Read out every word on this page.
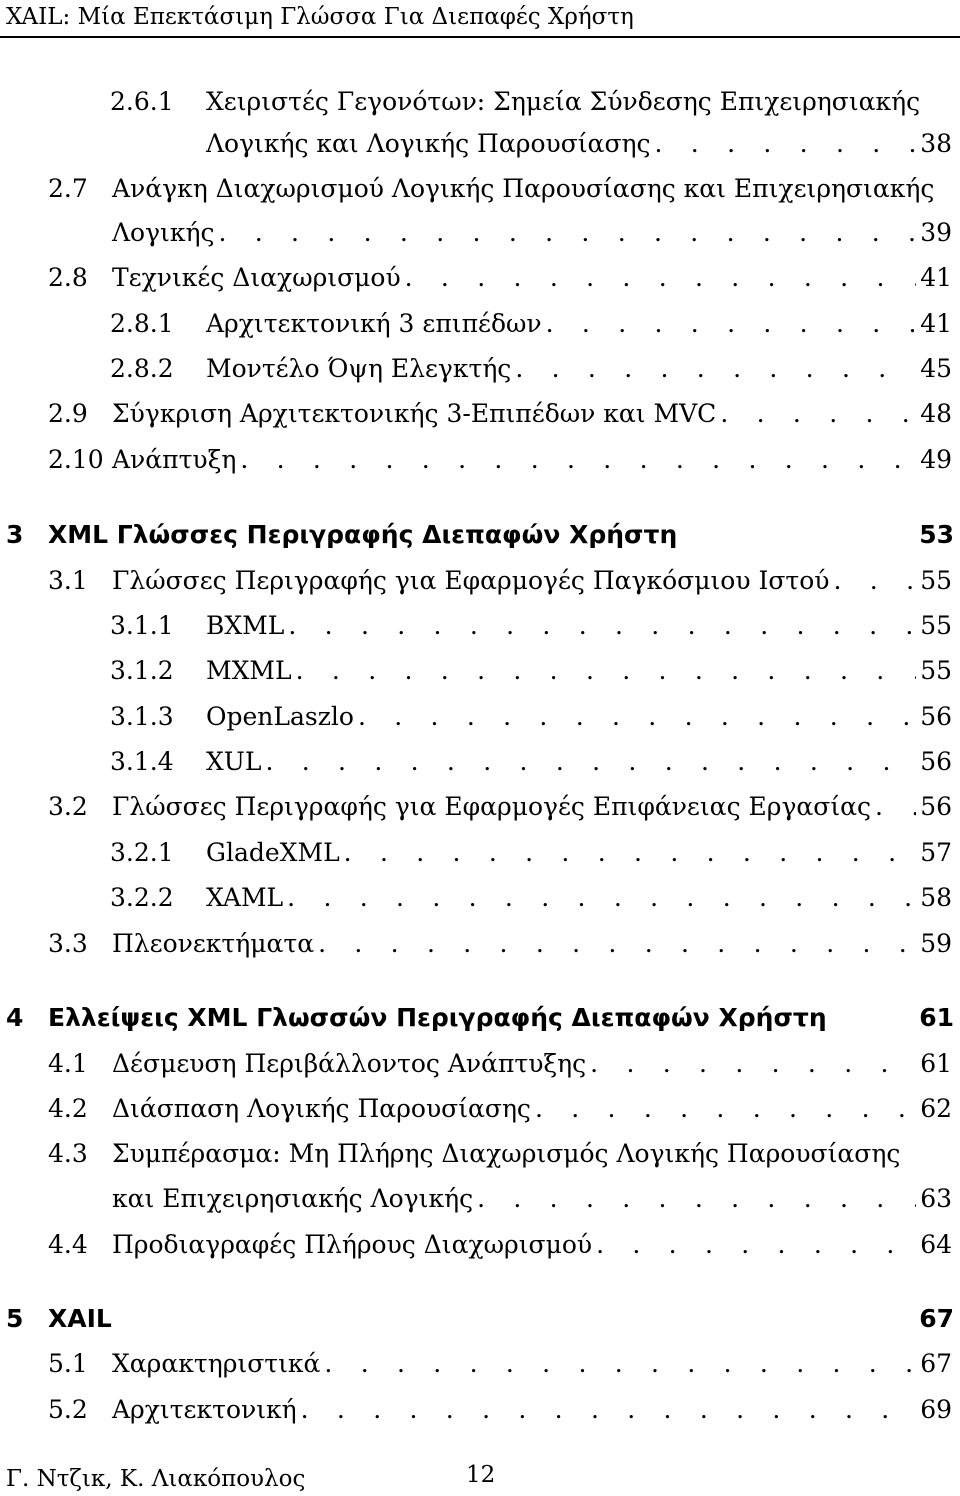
XAIL: Μία Επεκτάσιμη Γλώσσα Για Διεπαφές Χρήστη
2.6.1	Χειριστές Γεγονότων: Σημεία Σύνδεσης Επιχειρησιακής
Λογικής και Λογικής Παρουσίασης . . .	38
2.7 Ανάγκη Διαχωρισμού Λογικής Παρουσίασης και Επιχειρησιακής
Λογικής . . .	39
2.8 Τεχνικές Διαχωρισμού . . .	41
2.8.1	Αρχιτεκτονική 3 επιπέδων . . .	41
2.8.2	Μοντέλο Όψη Ελεγκτής . . .	45
2.9 Σύγκριση Αρχιτεκτονικής 3-Επιπέδων και MVC . . .	48
2.10 Ανάπτυξη . . .	49
3 XML Γλώσσες Περιγραφής Διεπαφών Χρήστη	53
3.1 Γλώσσες Περιγραφής για Εφαρμογές Παγκόσμιου Ιστού . . .	55
3.1.1	BXML . . .	55
3.1.2	MXML . . .	55
3.1.3	OpenLaszlo . . .	56
3.1.4	XUL . . .	56
3.2 Γλώσσες Περιγραφής για Εφαρμογές Επιφάνειας Εργασίας . . . 56
3.2.1	GladeXML . . .	57
3.2.2	XAML . . .	58
3.3 Πλεονεκτήματα . . .	59
4 Ελλείψεις XML Γλωσσών Περιγραφής Διεπαφών Χρήστη	61
4.1 Δέσμευση Περιβάλλοντος Ανάπτυξης . . .	61
4.2 Διάσπαση Λογικής Παρουσίασης . . .	62
4.3 Συμπέρασμα: Μη Πλήρης Διαχωρισμός Λογικής Παρουσίασης
και Επιχειρησιακής Λογικής . . .	63
4.4 Προδιαγραφές Πλήρους Διαχωρισμού . . .	64
5 XAIL	67
5.1 Χαρακτηριστικά . . .	67
5.2 Αρχιτεκτονική . . .	69
Γ. Ντζικ, Κ. Λιακόπουλος	12
